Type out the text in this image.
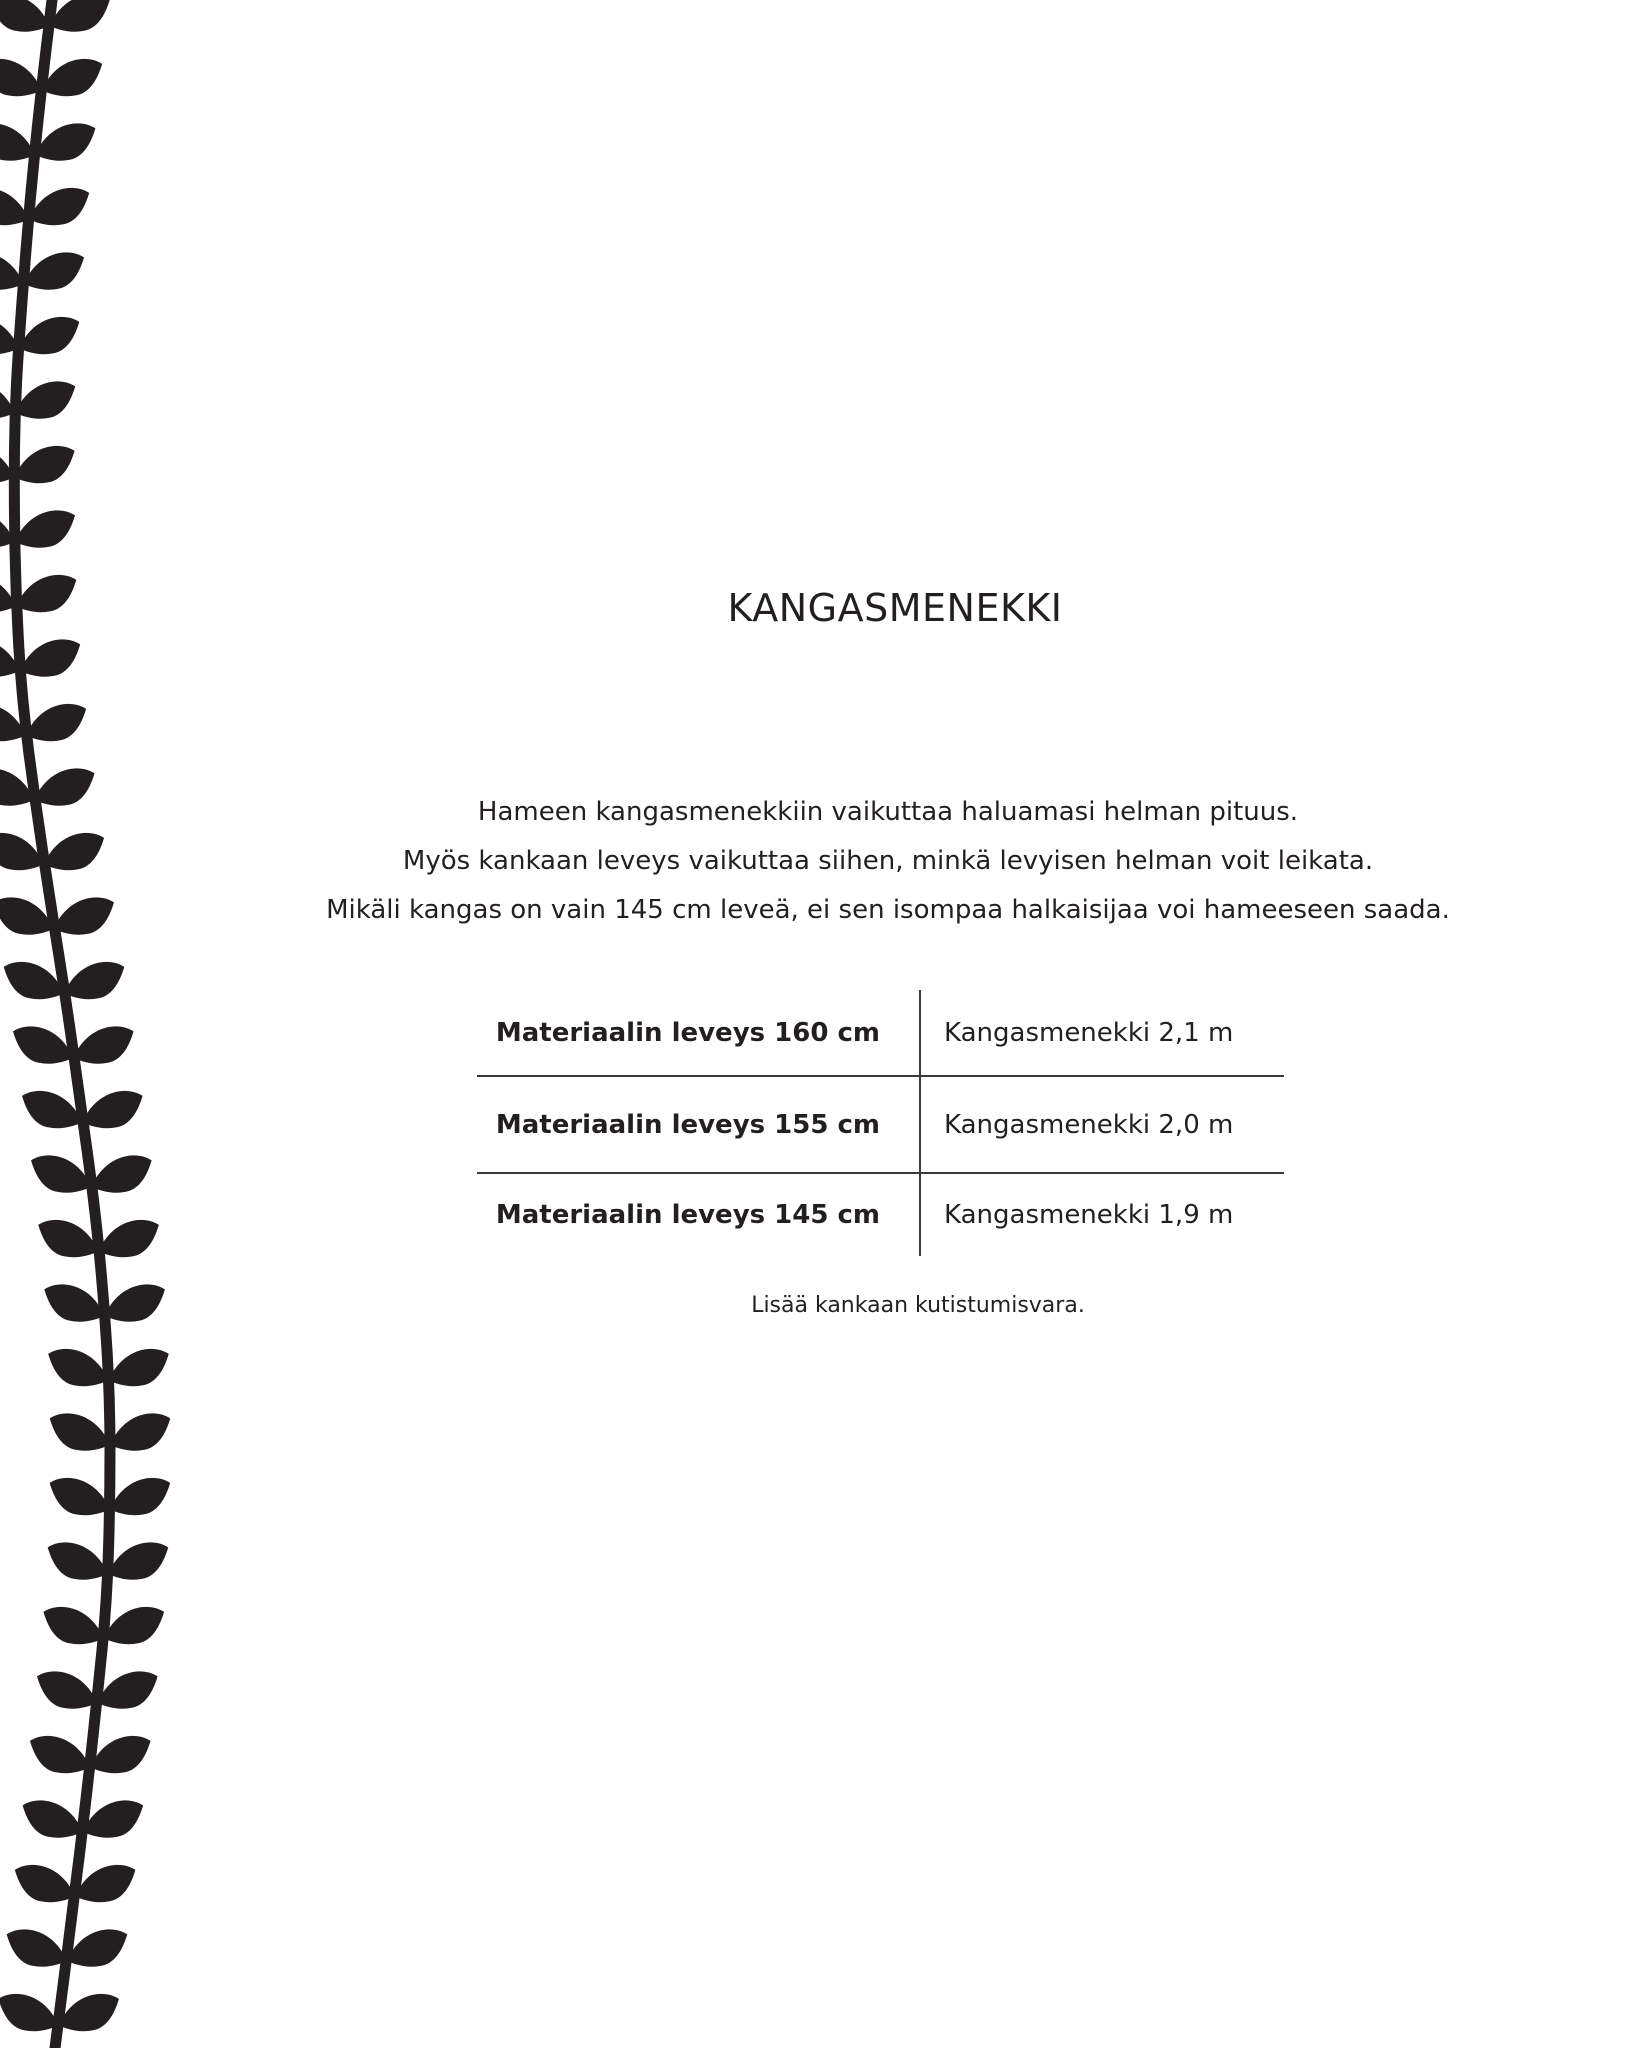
KANGASMENEKKI

Hameen kangasmenekkiin vaikuttaa haluamasi helman pituus.
Myös kankaan leveys vaikuttaa siihen, minkä levyisen helman voit leikata.
Mikäli kangas on vain 145 cm leveä, ei sen isompaa halkaisijaa voi hameeseen saada.

Materiaalin leveys 160 cm	Kangasmenekki 2,1 m
Materiaalin leveys 155 cm	Kangasmenekki 2,0 m
Materiaalin leveys 145 cm	Kangasmenekki 1,9 m

Lisää kankaan kutistumisvara.
